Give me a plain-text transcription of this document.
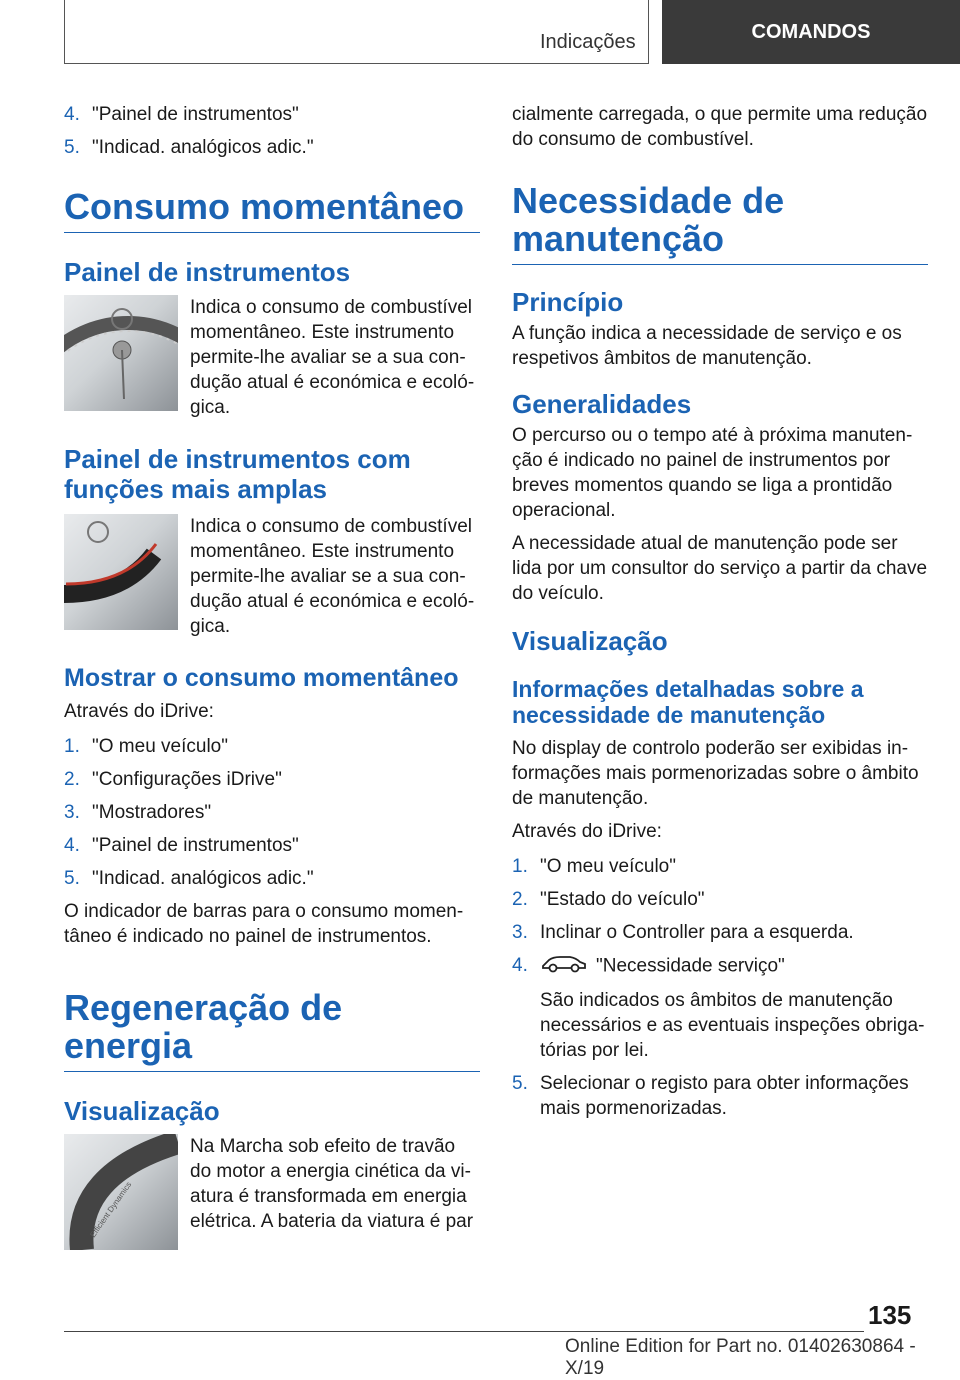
Indicações	COMANDOS
4. "Painel de instrumentos"
5. "Indicad. analógicos adic."
Consumo momentâneo
Painel de instrumentos

Indica o consumo de combustível momentâneo. Este instrumento permite-lhe avaliar se a sua condução atual é económica e ecológica.

Painel de instrumentos com funções mais amplas

Indica o consumo de combustível momentâneo. Este instrumento permite-lhe avaliar se a sua condução atual é económica e ecológica.

Mostrar o consumo momentâneo

Através do iDrive:

1. "O meu veículo"
2. "Configurações iDrive"
3. "Mostradores"
4. "Painel de instrumentos"
5. "Indicad. analógicos adic."

O indicador de barras para o consumo momentâneo é indicado no painel de instrumentos.

Regeneração de energia
Visualização
Efficient Dynamics

Na Marcha sob efeito de travão do motor a energia cinética da viatura é transformada em energia elétrica. A bateria da viatura é par

cialmente carregada, o que permite uma redução do consumo de combustível.

Necessidade de manutenção
Princípio

A função indica a necessidade de serviço e os respetivos âmbitos de manutenção.

Generalidades

O percurso ou o tempo até à próxima manutenção é indicado no painel de instrumentos por breves momentos quando se liga a prontidão operacional.

A necessidade atual de manutenção pode ser lida por um consultor do serviço a partir da chave do veículo.

Visualização
Informações detalhadas sobre a necessidade de manutenção

No display de controlo poderão ser exibidas informações mais pormenorizadas sobre o âmbito de manutenção.

Através do iDrive:

1. "O meu veículo"
2. "Estado do veículo"
3. Inclinar o Controller para a esquerda.
4.	"Necessidade serviço"
São indicados os âmbitos de manutenção necessários e as eventuais inspeções obrigatórias por lei.
5. Selecionar o registo para obter informações mais pormenorizadas.
135
Online Edition for Part no. 01402630864 - X/19
